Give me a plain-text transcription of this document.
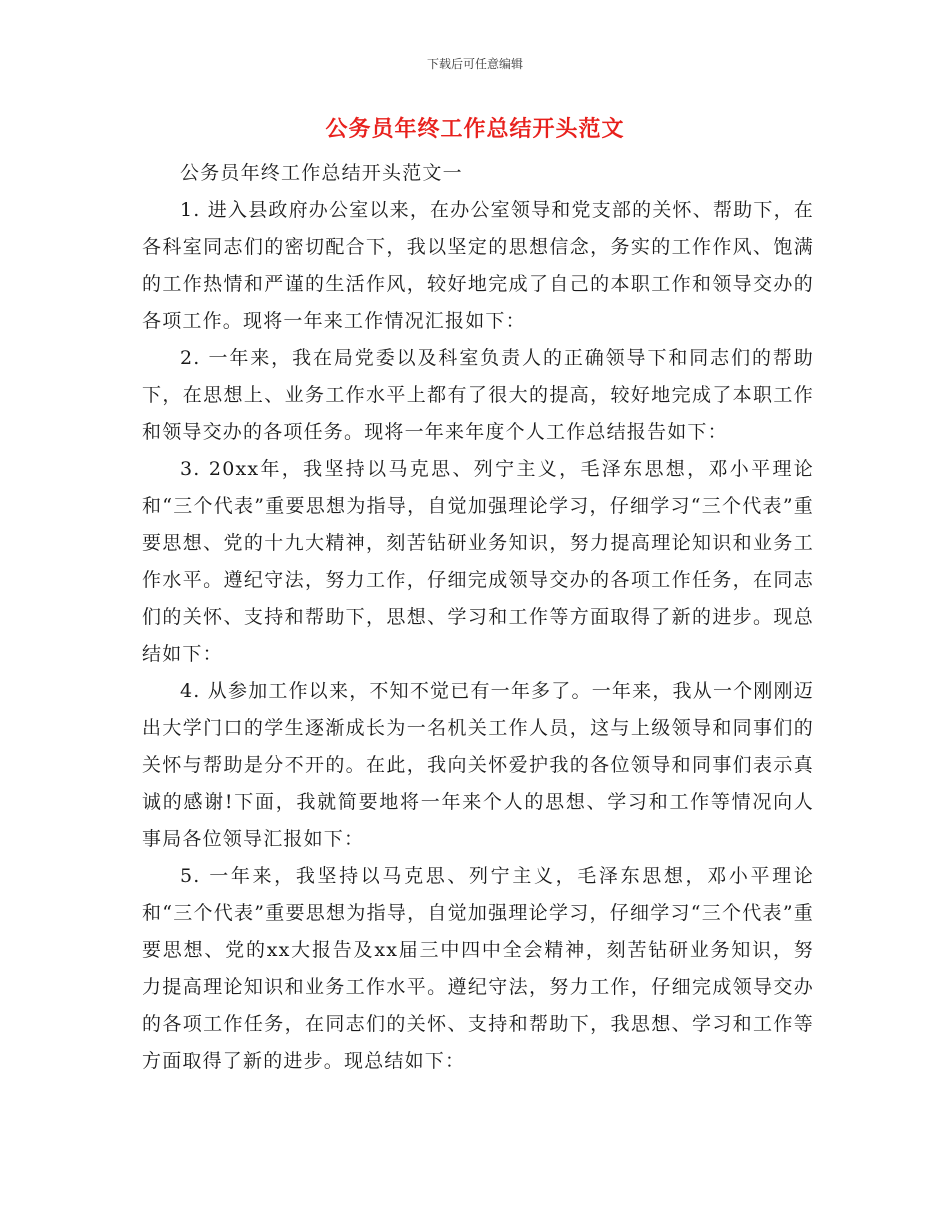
下载后可任意编辑
公务员年终工作总结开头范文

公务员年终工作总结开头范文一

1. 进入县政府办公室以来，在办公室领导和党支部的关怀、帮助下，在各科室同志们的密切配合下，我以坚定的思想信念，务实的工作作风、饱满的工作热情和严谨的生活作风，较好地完成了自己的本职工作和领导交办的各项工作。现将一年来工作情况汇报如下：

2. 一年来，我在局党委以及科室负责人的正确领导下和同志们的帮助下，在思想上、业务工作水平上都有了很大的提高，较好地完成了本职工作和领导交办的各项任务。现将一年来年度个人工作总结报告如下：

3. 20xx年，我坚持以马克思、列宁主义，毛泽东思想，邓小平理论和“三个代表”重要思想为指导，自觉加强理论学习，仔细学习“三个代表”重要思想、党的十九大精神，刻苦钻研业务知识，努力提高理论知识和业务工作水平。遵纪守法，努力工作，仔细完成领导交办的各项工作任务，在同志们的关怀、支持和帮助下，思想、学习和工作等方面取得了新的进步。现总结如下：

4. 从参加工作以来，不知不觉已有一年多了。一年来，我从一个刚刚迈出大学门口的学生逐渐成长为一名机关工作人员，这与上级领导和同事们的关怀与帮助是分不开的。在此，我向关怀爱护我的各位领导和同事们表示真诚的感谢!下面，我就简要地将一年来个人的思想、学习和工作等情况向人事局各位领导汇报如下：

5. 一年来，我坚持以马克思、列宁主义，毛泽东思想，邓小平理论和“三个代表”重要思想为指导，自觉加强理论学习，仔细学习“三个代表”重要思想、党的xx大报告及xx届三中四中全会精神，刻苦钻研业务知识，努力提高理论知识和业务工作水平。遵纪守法，努力工作，仔细完成领导交办的各项工作任务，在同志们的关怀、支持和帮助下，我思想、学习和工作等方面取得了新的进步。现总结如下：
